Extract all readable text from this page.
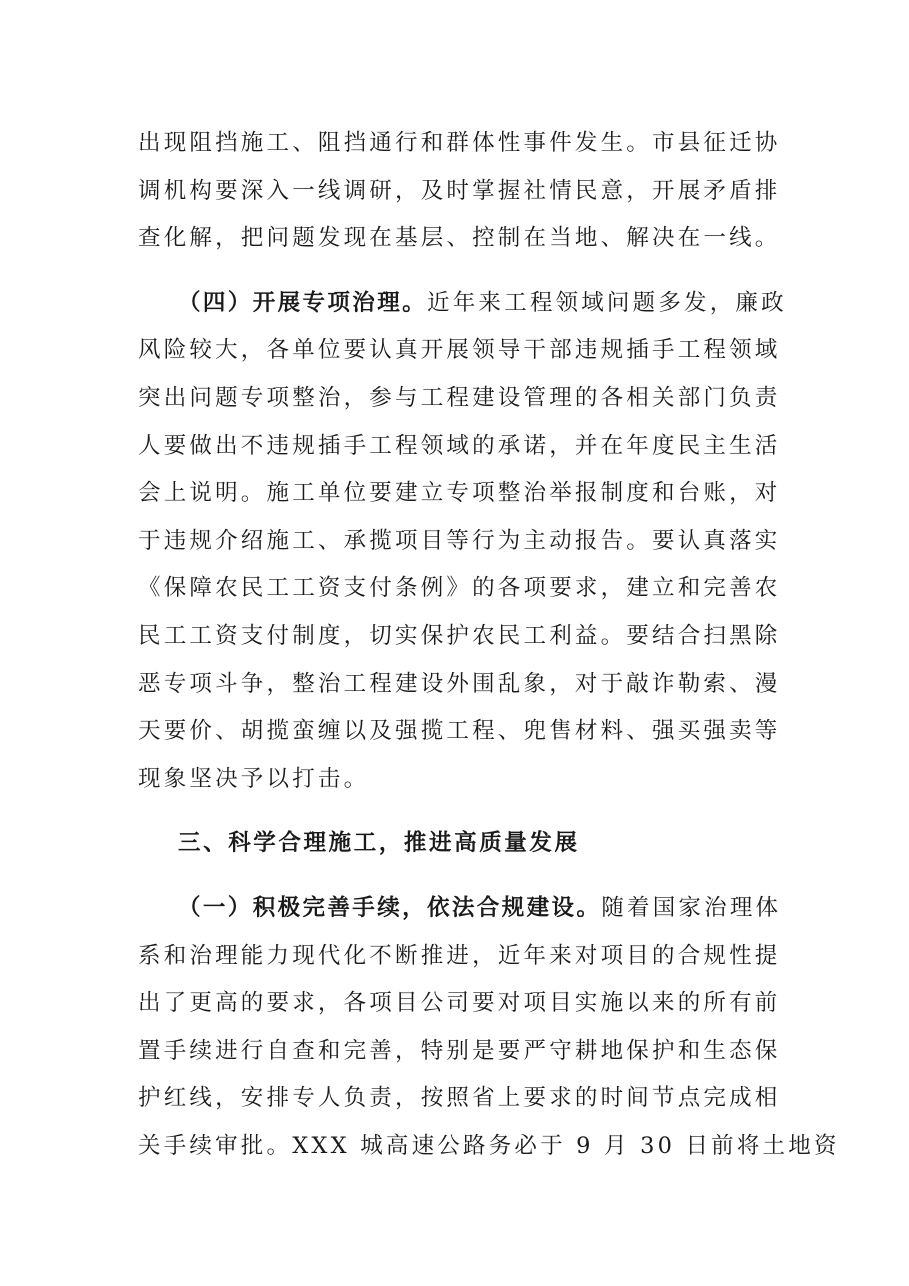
出现阻挡施工、阻挡通行和群体性事件发生。市县征迁协
调机构要深入一线调研，及时掌握社情民意，开展矛盾排
查化解，把问题发现在基层、控制在当地、解决在一线。
（四）开展专项治理。近年来工程领域问题多发，廉政
风险较大，各单位要认真开展领导干部违规插手工程领域
突出问题专项整治，参与工程建设管理的各相关部门负责
人要做出不违规插手工程领域的承诺，并在年度民主生活
会上说明。施工单位要建立专项整治举报制度和台账，对
于违规介绍施工、承揽项目等行为主动报告。要认真落实
《保障农民工工资支付条例》的各项要求，建立和完善农
民工工资支付制度，切实保护农民工利益。要结合扫黑除
恶专项斗争，整治工程建设外围乱象，对于敲诈勒索、漫
天要价、胡揽蛮缠以及强揽工程、兜售材料、强买强卖等
现象坚决予以打击。
三、科学合理施工，推进高质量发展
（一）积极完善手续，依法合规建设。随着国家治理体
系和治理能力现代化不断推进，近年来对项目的合规性提
出了更高的要求，各项目公司要对项目实施以来的所有前
置手续进行自查和完善，特别是要严守耕地保护和生态保
护红线，安排专人负责，按照省上要求的时间节点完成相
关手续审批。XXX 城高速公路务必于 9 月 30 日前将土地资
